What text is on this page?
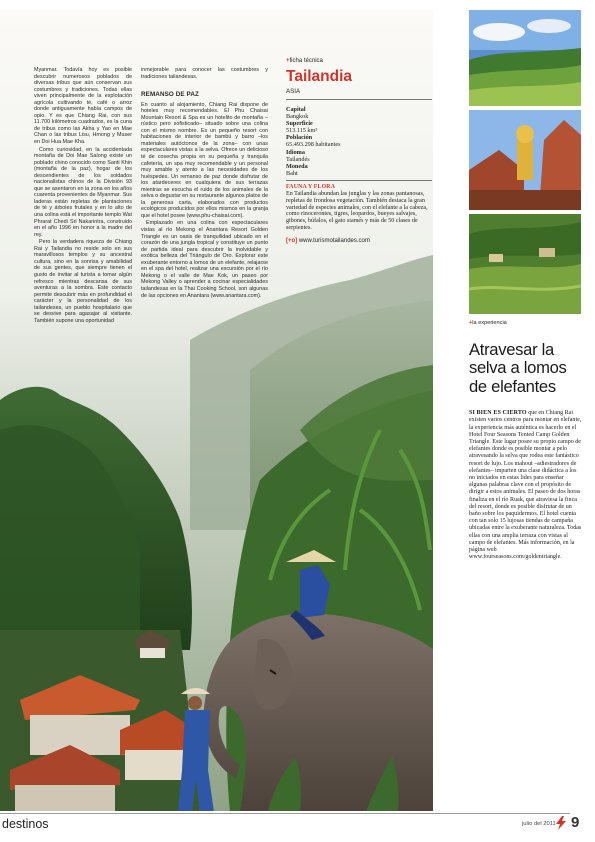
Myanmar. Todavía hoy es posible descubrir numerosos poblados de diversas tribus que aún conservan sus costumbres y tradiciones. Todas ellas viven principalmente de la explotación agrícola cultivando té, café o arroz donde antiguamente había campos de opio. Y es que Chiang Rai, con sus 11.700 kilómetros cuadrados, es la cuna de tribus como las Akha y Yao en Mae Chan o las tribus Lisu, Hmong y Muser en Doi Hua Mae Kha.

Como curiosidad, en la accidentada montaña de Doi Mae Salong existe un poblado chino conocido como Santi Khin (montaña de la paz), hogar de los descendientes de los soldados nacionalistas chinos de la División 93 que se asentaron en la zona en los años cuarenta provenientes de Myanmar. Sus laderas están repletas de plantaciones de té y árboles frutales y en lo alto de una colina está el importante templo Wat Phrarat Chedi Sri Nakarintra, construido en el año 1996 en honor a la madre del rey.

Pero la verdadera riqueza de Chiang Rai y Tailandia no reside solo en sus maravillosos templos y su ancestral cultura, sino en la sonrisa y amabilidad de sus gentes, que siempre tienen el gusto de invitar al turista a tomar algún refresco mientras descansa de sus aventuras a la sombra. Este contacto permite descubrir más en profundidad el carácter y la personalidad de los tailandeses, un pueblo hospitalario que se desvive para agasajar al visitante. También supone una oportunidad

inmejorable para conocer las costumbres y tradiciones tailandesas.

REMANSO DE PAZ

En cuanto al alojamiento, Chiang Rai dispone de hoteles muy recomendables. El Phu Chaisai Mountain Resort & Spa es un hotelito de montaña –rústico pero sofisticado– situado sobre una colina con el mismo nombre. Es un pequeño resort con habitaciones de interior de bambú y barro –los materiales autóctonos de la zona– con unas espectaculares vistas a la selva. Ofrece un delicioso té de cosecha propia en su pequeña y tranquila cafetería, un spa muy recomendable y un personal muy amable y atento a las necesidades de los huéspedes. Un remanso de paz donde disfrutar de los atardeceres en cualquiera de sus terrazas mientras se escucha el ruido de los animales de la selva o degustar en su restaurante algunos platos de la generosa carta, elaborados con productos ecológicos producidos por ellos mismos en la granja que el hotel posee (www.phu-chaisai.com).

Emplazado en una colina con espectaculares vistas al río Mekong el Anantara Resort Golden Triangle es un oasis de tranquilidad ubicado en el corazón de una jungla tropical y constituye un punto de partida ideal para descubrir la inolvidable y exótica belleza del Triángulo de Oro. Explorar este exuberante entorno a lomos de un elefante, relajarse en el spa del hotel, realizar una excursión por el río Mekong o el valle de Mae Kok, un paseo por Mekong Valley o aprender a cocinar especialidades tailandesas en la Thai Cooking School, son algunas de las opciones en Anantara (www.anantara.com).

+ficha técnica
Tailandia
ASIA
Capital
Bangkok
Superficie
513.115 km²
Población
65.493.298 habitantes
Idioma
Tailandés
Moneda
Baht
FAUNA Y FLORA
En Tailandia abundan las junglas y las zonas pantanosas, repletas de frondosa vegetación. También destaca la gran variedad de especies animales, con el elefante a la cabeza, como rinocerontes, tigres, leopardos, bueyes salvajes, gibones, búfalos, el gato siamés y más de 50 clases de serpientes.
[+o] www.turismotailandes.com
+la experiencia
Atravesar la selva a lomos de elefantes
SI BIEN ES CIERTO que en Chiang Rai existen varios centros para montar en elefante, la experiencia más auténtica es hacerlo en el Hotel Four Seasons Tented Camp Golden Triangle. Este lugar posee su propio campo de elefantes donde es posible montar a pelo atravesando la selva que rodea este fantástico resort de lujo. Los mahout –adiestradores de elefantes– imparten una clase didáctica a los no iniciados en estas lides para enseñar algunas palabras clave con el propósito de dirigir a estos animales. El paseo de dos horas finaliza en el río Ruak, que atraviesa la finca del resort, donde es posible disfrutar de un baño sobre los paquidermos. El hotel cuenta con tan solo 15 lujosas tiendas de campaña ubicadas entre la exuberante naturaleza. Todas ellas con una amplia terraza con vistas al campo de elefantes. Más información, en la página web www.fourseasons.com/goldentriangle.
destinos	julio del 2011 9
